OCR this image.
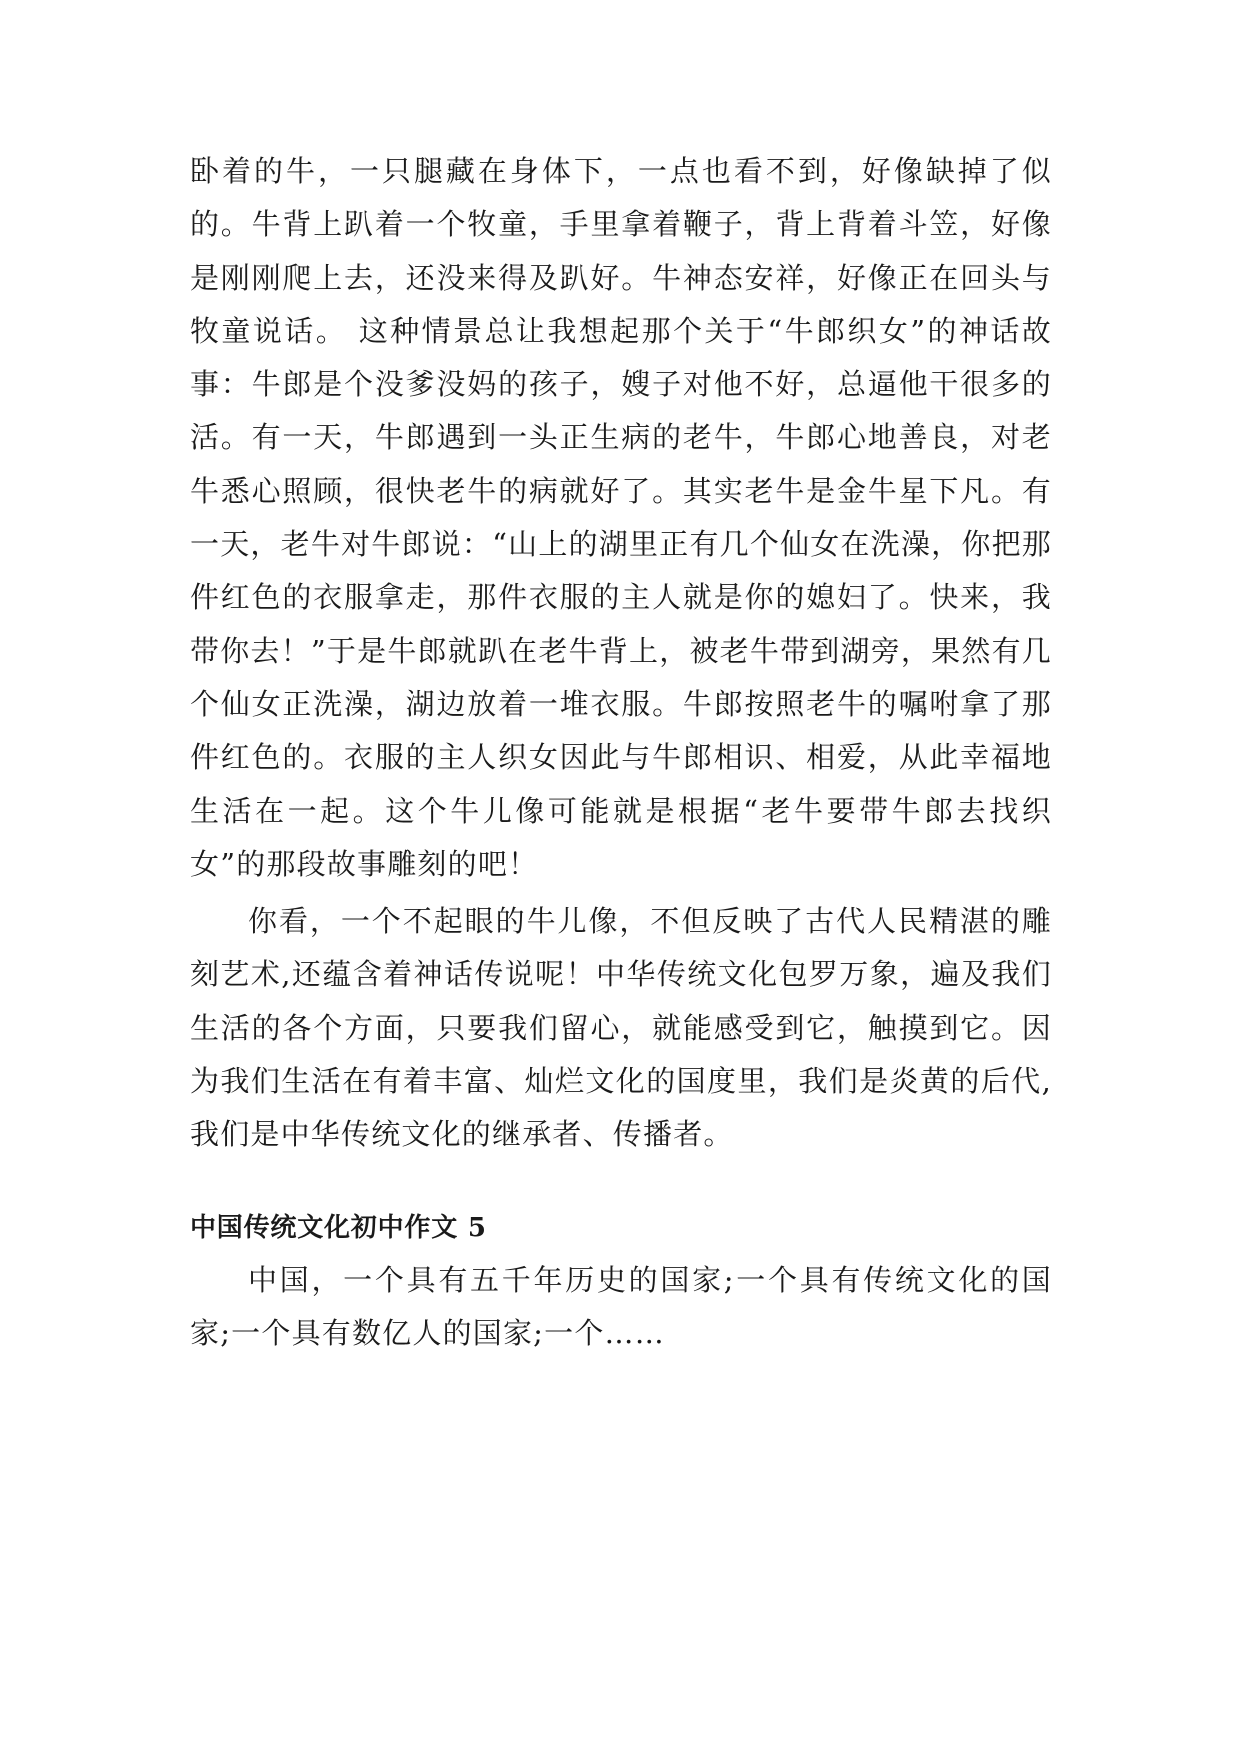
卧着的牛，一只腿藏在身体下，一点也看不到，好像缺掉了似的。牛背上趴着一个牧童，手里拿着鞭子，背上背着斗笠，好像是刚刚爬上去，还没来得及趴好。牛神态安祥，好像正在回头与牧童说话。 这种情景总让我想起那个关于“牛郎织女”的神话故事：牛郎是个没爹没妈的孩子，嫂子对他不好，总逼他干很多的活。有一天，牛郎遇到一头正生病的老牛，牛郎心地善良，对老牛悉心照顾，很快老牛的病就好了。其实老牛是金牛星下凡。有一天，老牛对牛郎说：“山上的湖里正有几个仙女在洗澡，你把那件红色的衣服拿走，那件衣服的主人就是你的媳妇了。快来，我带你去！”于是牛郎就趴在老牛背上，被老牛带到湖旁，果然有几个仙女正洗澡，湖边放着一堆衣服。牛郎按照老牛的嘱咐拿了那件红色的。衣服的主人织女因此与牛郎相识、相爱，从此幸福地生活在一起。这个牛儿像可能就是根据“老牛要带牛郎去找织女”的那段故事雕刻的吧！

你看，一个不起眼的牛儿像，不但反映了古代人民精湛的雕刻艺术,还蕴含着神话传说呢！中华传统文化包罗万象，遍及我们生活的各个方面，只要我们留心，就能感受到它，触摸到它。因为我们生活在有着丰富、灿烂文化的国度里，我们是炎黄的后代,我们是中华传统文化的继承者、传播者。

中国传统文化初中作文 5

中国，一个具有五千年历史的国家;一个具有传统文化的国家;一个具有数亿人的国家;一个……
